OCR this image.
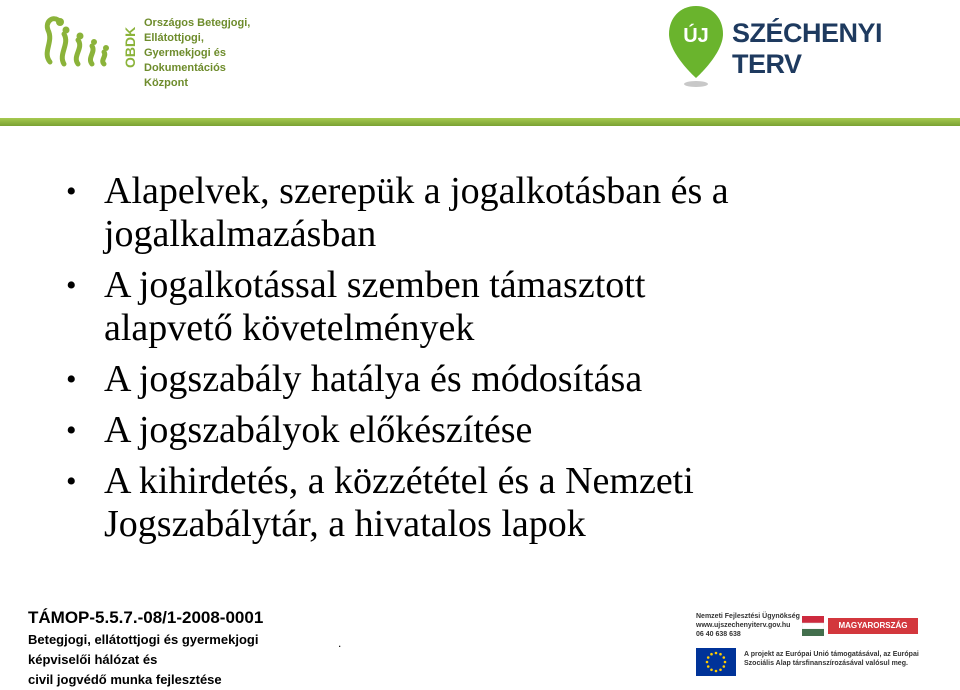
OBDK
Országos Betegjogi,
Ellátottjogi, Gyermekjogi és
Dokumentációs Központ
ÚJ SZÉCHENYI TERV
• Alapelvek, szerepük a jogalkotásban és a
jogalkalmazásban
• A jogalkotással szemben támasztott
alapvető követelmények
• A jogszabály hatálya és módosítása
• A jogszabályok előkészítése
• A kihirdetés, a közzététel és a Nemzeti
Jogszabálytár, a hivatalos lapok
TÁMOP-5.5.7.-08/1-2008-0001
Betegjogi, ellátottjogi és gyermekjogi
képviselői hálózat és
civil jogvédő munka fejlesztése
.
Nemzeti Fejlesztési Ügynökség
www.ujszechenyiterv.gov.hu
06 40 638 638
MAGYARORSZÁG MEGÚJUL
A projekt az Európai Unió támogatásával, az Európai
Szociális Alap társfinanszírozásával valósul meg.
